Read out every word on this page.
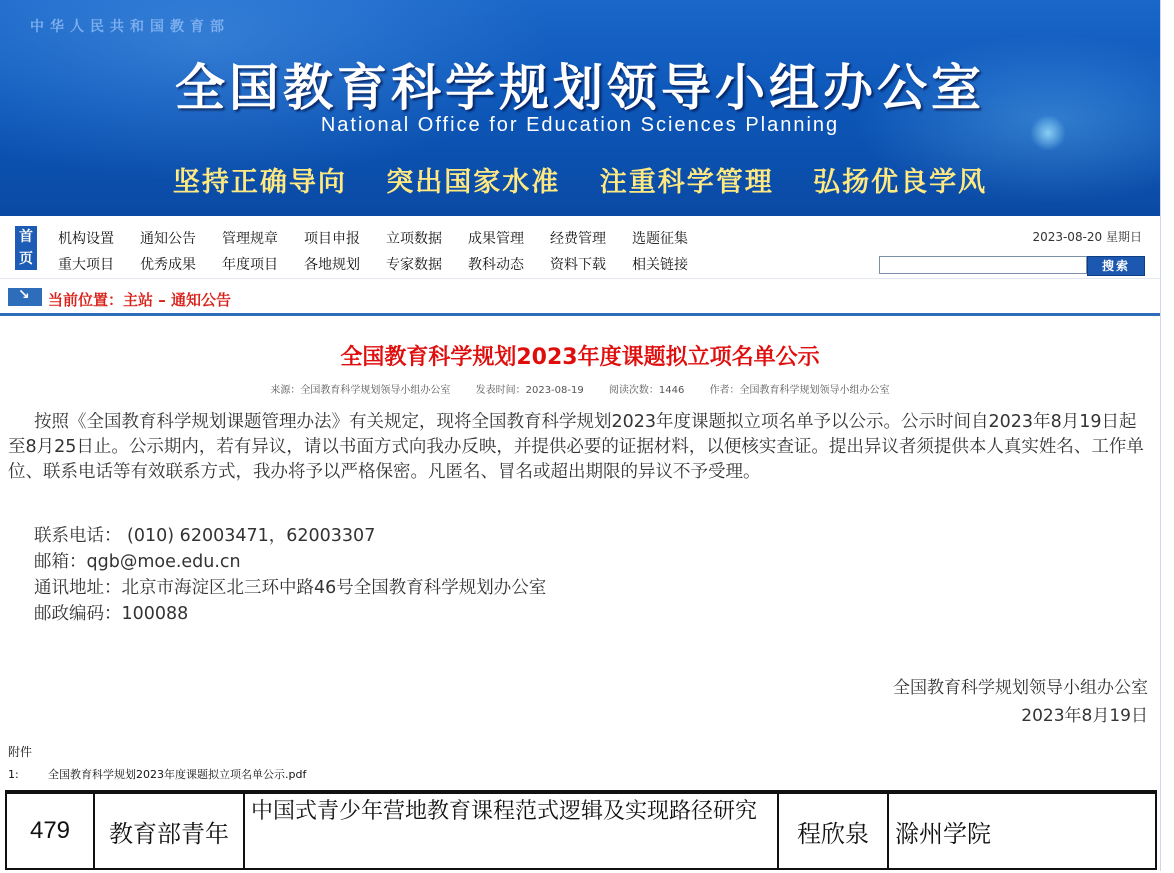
中华人民共和国教育部
全国教育科学规划领导小组办公室
National Office for Education Sciences Planning
坚持正确导向 突出国家水准 注重科学管理 弘扬优良学风
首页
机构设置 通知公告 管理规章 项目申报 立项数据 成果管理 经费管理 选题征集
重大项目 优秀成果 年度项目 各地规划 专家数据 教科动态 资料下载 相关链接
2023-08-20 星期日
搜索
↘
当前位置：主站 – 通知公告
全国教育科学规划2023年度课题拟立项名单公示
来源：全国教育科学规划领导小组办公室	发表时间：2023-08-19	阅读次数：1446	作者：全国教育科学规划领导小组办公室

按照《全国教育科学规划课题管理办法》有关规定，现将全国教育科学规划2023年度课题拟立项名单予以公示。公示时间自2023年8月19日起至8月25日止。公示期内，若有异议，请以书面方式向我办反映，并提供必要的证据材料，以便核实查证。提出异议者须提供本人真实姓名、工作单位、联系电话等有效联系方式，我办将予以严格保密。凡匿名、冒名或超出期限的异议不予受理。

联系电话： (010) 62003471，62003307
邮箱：qgb@moe.edu.cn
通讯地址：北京市海淀区北三环中路46号全国教育科学规划办公室
邮政编码：100088
全国教育科学规划领导小组办公室
2023年8月19日
附件
1:	全国教育科学规划2023年度课题拟立项名单公示.pdf
479	教育部青年	中国式青少年营地教育课程范式逻辑及实现路径研究	程欣泉	滁州学院
